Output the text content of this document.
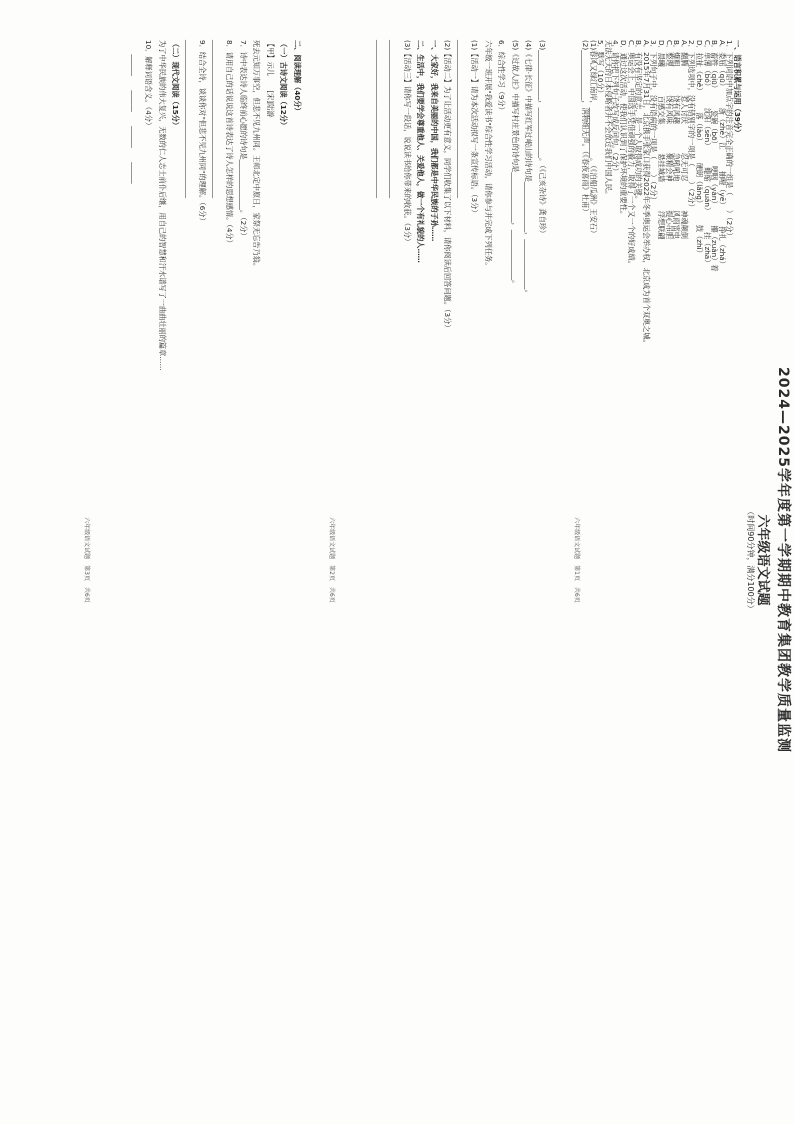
2024—2025学年度第一学期期中教育集团教学质量监测
六年级语文试题
（时间90分钟，满分100分）
一、语言积累与运用（39分）
1．下列词语中加点字的注音完全正确的一组是（　　）（2分）
A．委屈（qū）　　　浙（zhè）江　　　抽噎（yē）　　　挣扎（zhá）
B．畜牲（qiū）　　　瓷碗（bō）　　　哽咽（yàn）　　　攥（zuàn）着
C．单薄（bó）　　　沈阳（sēn）　　　蜷缩（quán）　　　挂（zhā）
D．拉扯（chě）　　　落（lào）　　　硬朗（lǎng）　　　鼓（zhǐ）
2．下列选项中，没有错别字的一项是（　　）（2分）
A．翻腾　　　　惹人讨厌　　　　忍无可忍　　　　神魂颠倒
B．爆粗　　　　饶有风趣　　　　急吼吼地　　　　风雨雷电
C．整理　　　　饶有风味　　　　聚精会神　　　　提心吊胆
D．晨曦　　　　百感交集　　　　悬挂城墙　　　　浮想联翩
3．下列句子中，没有语病的一项是（　　）（2分）
A．2015年7月31日，北京携手张家口获得2022年冬季奥运会举办权，北京成为首个双奥之城。
B．有没有坚定的意志，是一个人取得成功的关键。
C．奥运会上，中国选手凭借顽强的毅力，取得了一个又一个的好成绩。
D．通过这次活动，使我们认识到了保护环境的重要性。
4．请你把下列句子改写成反问句。（2分）
无法无天的日本侵略者并不会放过我们中国人民。
5．默写（10分）
(1)春风又绿江南岸，______________。（《泊船瓜洲》王安石）
(2)______________，润物细无声。（《春夜喜雨》杜甫）
六年级语文试题　第1页　共6页
(3)______________，______________。（《己亥杂诗》龚自珍）
(4)《七律·长征》中描写红军过岷山的诗句是______________，______________。
(5)《过故人庄》中描写村庄景色的诗句是______________，______________。
6．综合性学习（9分）
六年级一班开展"我爱读书"综合性学习活动，请你参与并完成下列任务。
(1)【活动一】请为本次活动拟写一条宣传标语。（3分）
____________________________________________
(2)【活动二】为了让活动更有意义，同学们收集了以下材料，请你阅读后回答问题。（3分）
一、大家好，我来自美丽的中国，我们都是中华民族的子孙……
二、生活中，我们要学会尊重他人、关爱他人，做一个有礼貌的人……
(3)【活动三】请你写一段话，说说读书给你带来的收获。（3分）
____________________________________________
____________________________________________
六年级语文试题　第2页　共6页
二、阅读理解（40分）
（一）古诗文阅读（12分）
【甲】示儿　　[宋]陆游
死去元知万事空，但悲不见九州同。王师北定中原日，家祭无忘告乃翁。
7．诗中表达诗人临终前心愿的诗句是______________。（2分）
8．请用自己的话说说这首诗表达了诗人怎样的思想感情。（4分）
____________________________________________
9．结合全诗，谈谈你对"但悲不见九州同"的理解。（6分）
____________________________________________
（二）现代文阅读（15分）
为了中华民族的伟大复兴，无数的仁人志士前仆后继，用自己的智慧和汗水谱写了一曲曲壮丽的篇章……
10．解释词语含义。（4分）
　　______　　______　　______　　______
六年级语文试题　第3页　共6页
